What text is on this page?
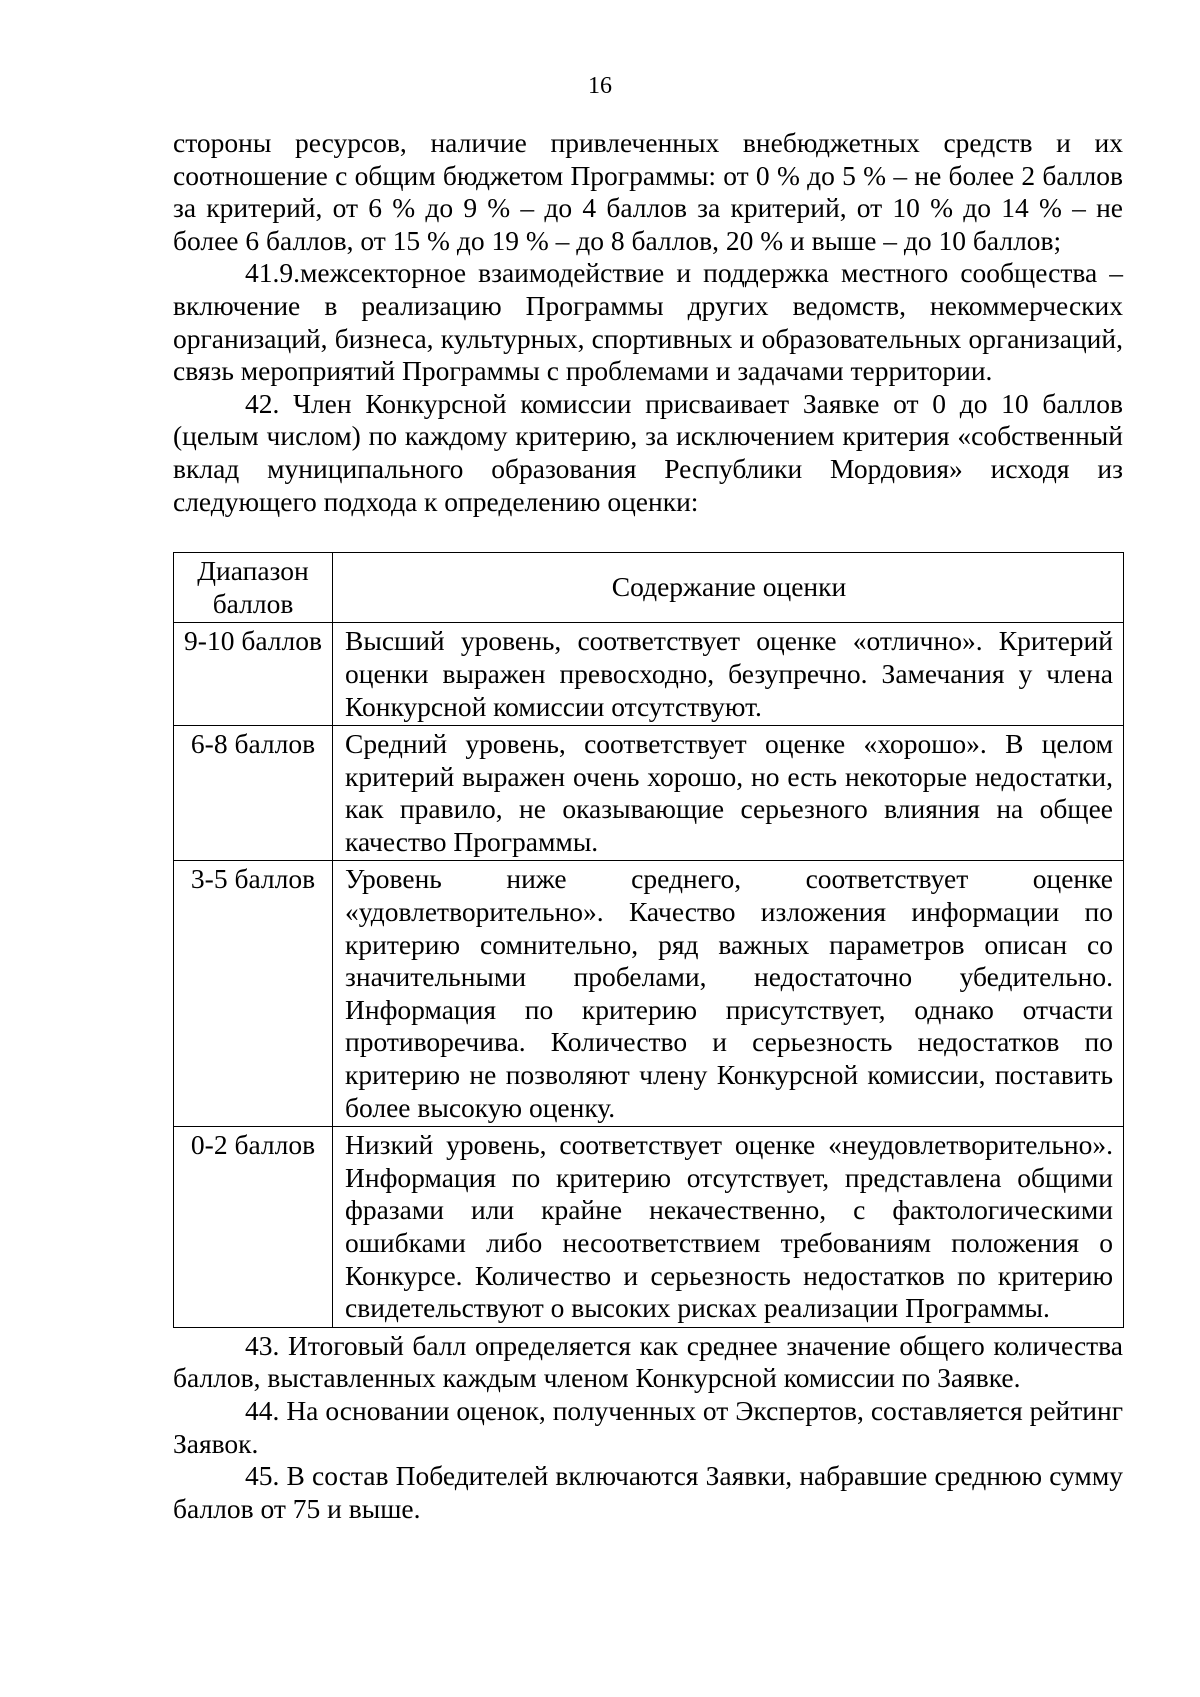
16

стороны ресурсов, наличие привлеченных внебюджетных средств и их соотношение с общим бюджетом Программы: от 0 % до 5 % – не более 2 баллов за критерий, от 6 % до 9 % – до 4 баллов за критерий, от 10 % до 14 % – не более 6 баллов, от 15 % до 19 % – до 8 баллов, 20 % и выше – до 10 баллов;

41.9.межсекторное взаимодействие и поддержка местного сообщества – включение в реализацию Программы других ведомств, некоммерческих организаций, бизнеса, культурных, спортивных и образовательных организаций, связь мероприятий Программы с проблемами и задачами территории.

42. Член Конкурсной комиссии присваивает Заявке от 0 до 10 баллов (целым числом) по каждому критерию, за исключением критерия «собственный вклад муниципального образования Республики Мордовия» исходя из следующего подхода к определению оценки:

Диапазон баллов	Содержание оценки
9-10 баллов	Высший уровень, соответствует оценке «отлично». Критерий оценки выражен превосходно, безупречно. Замечания у члена Конкурсной комиссии отсутствуют.
6-8 баллов	Средний уровень, соответствует оценке «хорошо». В целом критерий выражен очень хорошо, но есть некоторые недостатки, как правило, не оказывающие серьезного влияния на общее качество Программы.
3-5 баллов	Уровень ниже среднего, соответствует оценке «удовлетворительно». Качество изложения информации по критерию сомнительно, ряд важных параметров описан со значительными пробелами, недостаточно убедительно. Информация по критерию присутствует, однако отчасти противоречива. Количество и серьезность недостатков по критерию не позволяют члену Конкурсной комиссии, поставить более высокую оценку.
0-2 баллов	Низкий уровень, соответствует оценке «неудовлетворительно». Информация по критерию отсутствует, представлена общими фразами или крайне некачественно, с фактологическими ошибками либо несоответствием требованиям положения о Конкурсе. Количество и серьезность недостатков по критерию свидетельствуют о высоких рисках реализации Программы.

43. Итоговый балл определяется как среднее значение общего количества баллов, выставленных каждым членом Конкурсной комиссии по Заявке.

44. На основании оценок, полученных от Экспертов, составляется рейтинг Заявок.

45. В состав Победителей включаются Заявки, набравшие среднюю сумму баллов от 75 и выше.
